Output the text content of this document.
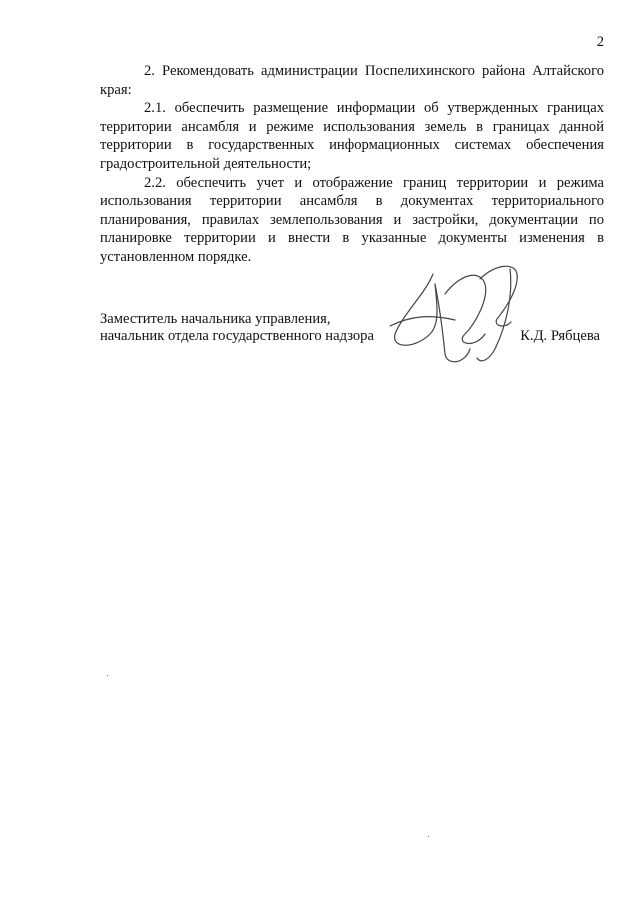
2

2. Рекомендовать администрации Поспелихинского района Алтайского края:

2.1. обеспечить размещение информации об утвержденных границах территории ансамбля и режиме использования земель в границах данной территории в государственных информационных системах обеспечения градостроительной деятельности;

2.2. обеспечить учет и отображение границ территории и режима использования территории ансамбля в документах территориального планирования, правилах землепользования и застройки, документации по планировке территории и внести в указанные документы изменения в установленном порядке.

Заместитель начальника управления,
начальник отдела государственного надзора	К.Д. Рябцева
